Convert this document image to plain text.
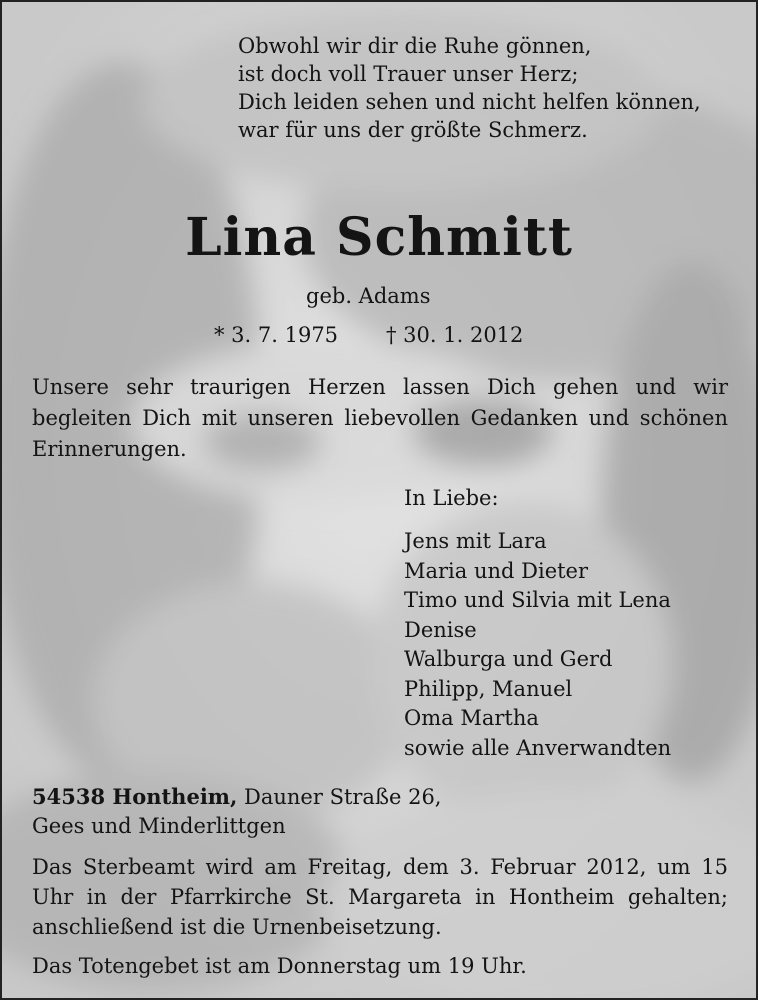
Obwohl wir dir die Ruhe gönnen,
ist doch voll Trauer unser Herz;
Dich leiden sehen und nicht helfen können,
war für uns der größte Schmerz.
Lina Schmitt
geb. Adams
* 3. 7. 1975 † 30. 1. 2012
Unsere sehr traurigen Herzen lassen Dich gehen und wir begleiten Dich mit unseren liebevollen Gedanken und schönen Erinnerungen.
In Liebe:
Jens mit Lara
Maria und Dieter
Timo und Silvia mit Lena
Denise
Walburga und Gerd
Philipp, Manuel
Oma Martha
sowie alle Anverwandten
54538 Hontheim, Dauner Straße 26,
Gees und Minderlittgen
Das Sterbeamt wird am Freitag, dem 3. Februar 2012, um 15 Uhr in der Pfarrkirche St. Margareta in Hontheim gehalten; anschließend ist die Urnenbeisetzung.
Das Totengebet ist am Donnerstag um 19 Uhr.
